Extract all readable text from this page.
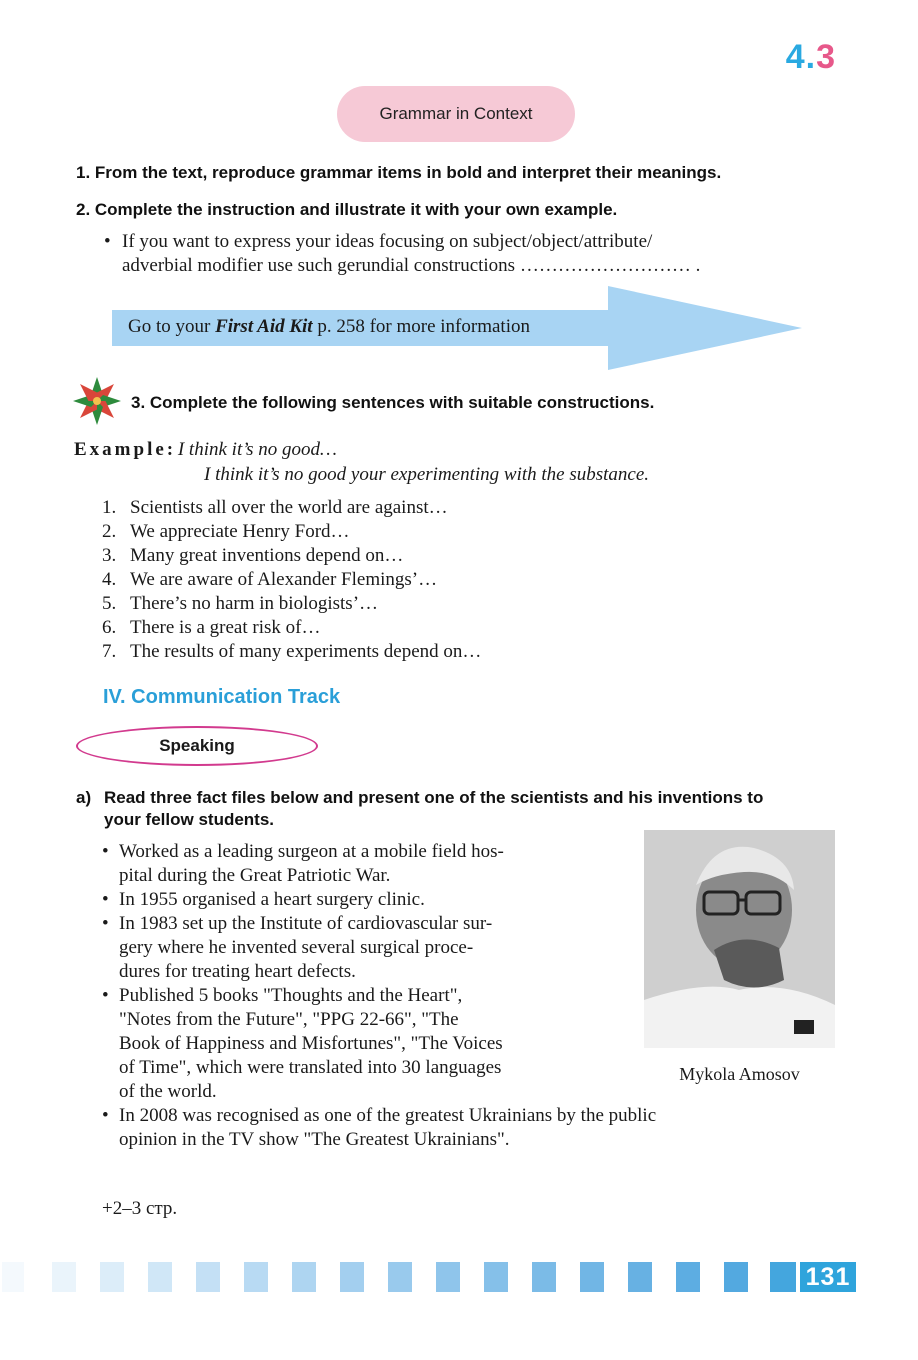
4.3
Grammar in Context
1. From the text, reproduce grammar items in bold and interpret their meanings.
2. Complete the instruction and illustrate it with your own example.
• If you want to express your ideas focusing on subject/object/attribute/
adverbial modifier use such gerundial constructions ……………………… .
Go to your First Aid Kit p. 258 for more information
3. Complete the following sentences with suitable constructions.
Example: I think it’s no good…
I think it’s no good your experimenting with the substance.
1. Scientists all over the world are against…
2. We appreciate Henry Ford…
3. Many great inventions depend on…
4. We are aware of Alexander Flemings’…
5. There’s no harm in biologists’…
6. There is a great risk of…
7. The results of many experiments depend on…
IV. Communication Track
Speaking
a) Read three fact files below and present one of the scientists and his inventions to
your fellow students.
• Worked as a leading surgeon at a mobile field hos-
pital during the Great Patriotic War.
• In 1955 organised a heart surgery clinic.
• In 1983 set up the Institute of cardiovascular sur-
gery where he invented several surgical proce-
dures for treating heart defects.
• Published 5 books "Thoughts and the Heart",
"Notes from the Future", "PPG 22-66", "The
Book of Happiness and Misfortunes", "The Voices
of Time", which were translated into 30 languages
of the world.
• In 2008 was recognised as one of the greatest Ukrainians by the public
opinion in the TV show "The Greatest Ukrainians".
Mykola Amosov
+2–3 стр.
131
